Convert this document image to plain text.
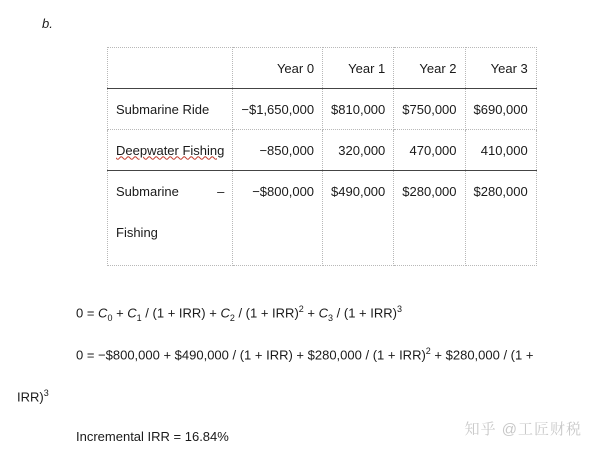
b.
	Year 0	Year 1	Year 2	Year 3
Submarine Ride	−$1,650,000	$810,000	$750,000	$690,000
Deepwater Fishing	−850,000	320,000	470,000	410,000

Submarine –
Fishing	−$800,000	$490,000	$280,000	$280,000
$0 = C_0 + C_1 / (1 + IRR) + C_2 / (1 + IRR)^2 + C_3 / (1 + IRR)^3$
0 = −$800,000 + $490,000 / (1 + IRR) + $280,000 / (1 + IRR)$^2$ + $280,000 / (1 +
IRR)$^3$
Incremental IRR = 16.84%	知乎 @工匠财税
